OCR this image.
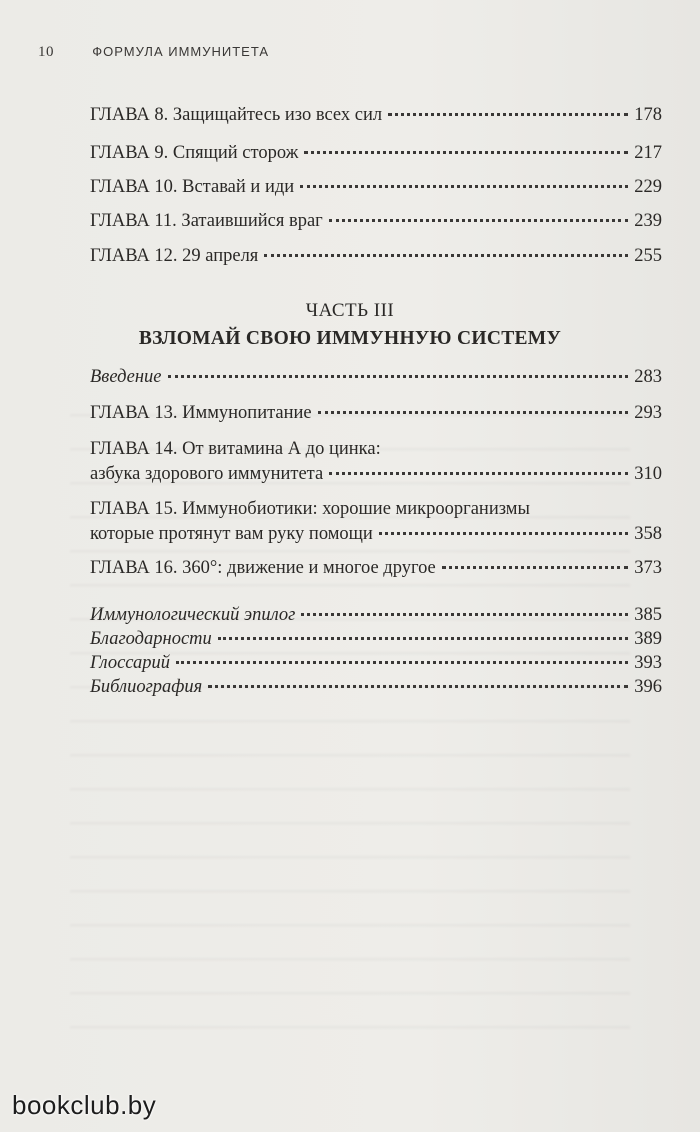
10	ФОРМУЛА ИММУНИТЕТА
ГЛАВА 8. Защищайтесь изо всех сил	178
ГЛАВА 9. Спящий сторож	217
ГЛАВА 10. Вставай и иди	229
ГЛАВА 11. Затаившийся враг	239
ГЛАВА 12. 29 апреля	255
ЧАСТЬ III
ВЗЛОМАЙ СВОЮ ИММУННУЮ СИСТЕМУ
Введение	283
ГЛАВА 13. Иммунопитание	293
ГЛАВА 14. От витамина А до цинка:
азбука здорового иммунитета	310
ГЛАВА 15. Иммунобиотики: хорошие микроорганизмы
которые протянут вам руку помощи	358
ГЛАВА 16. 360°: движение и многое другое	373
Иммунологический эпилог	385
Благодарности	389
Глоссарий	393
Библиография	396
bookclub.by
